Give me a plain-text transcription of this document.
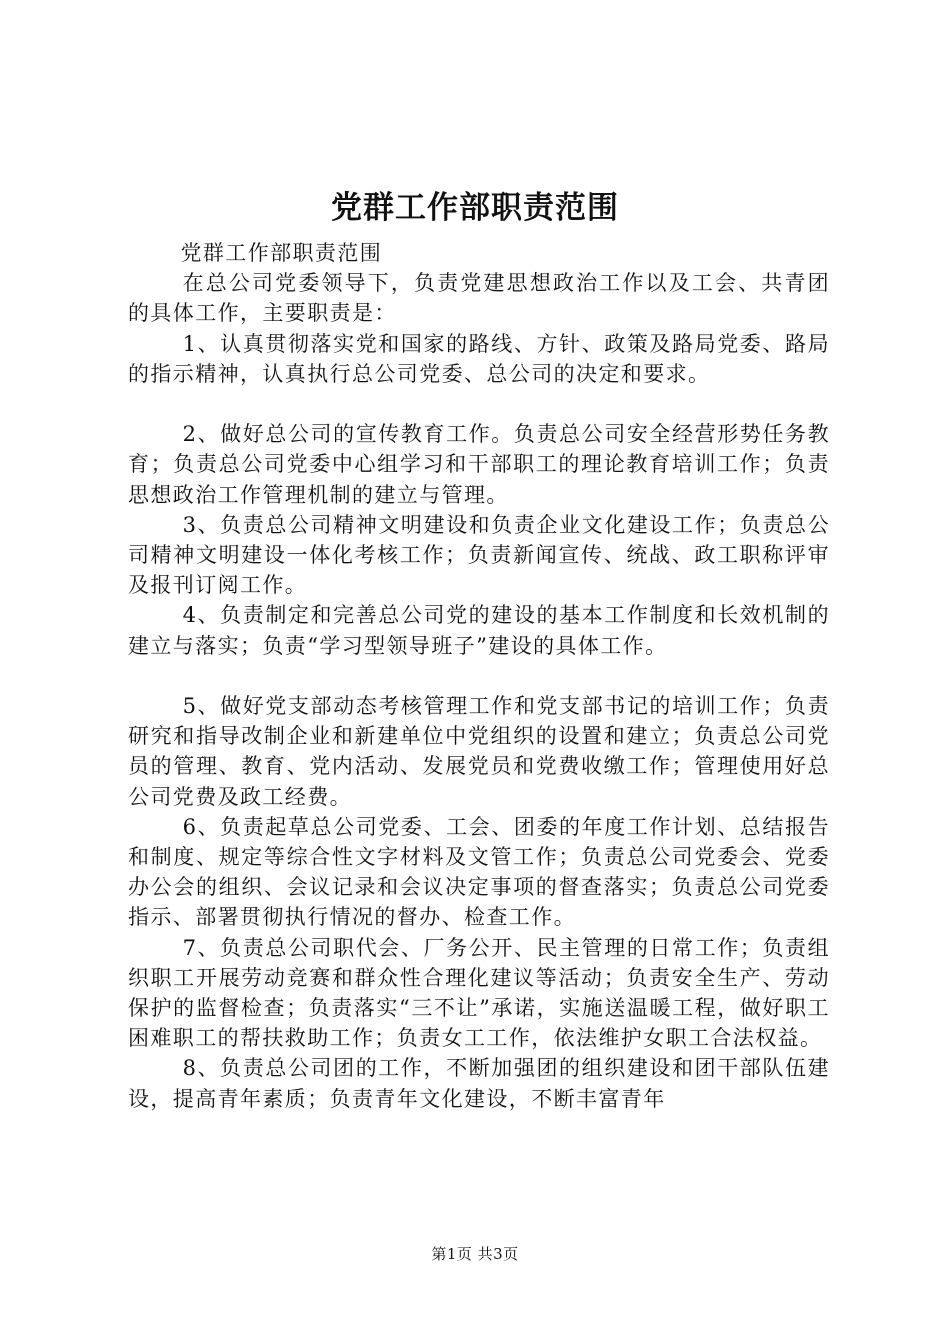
党群工作部职责范围

党群工作部职责范围

在总公司党委领导下，负责党建思想政治工作以及工会、共青团的具体工作，主要职责是：

1、认真贯彻落实党和国家的路线、方针、政策及路局党委、路局的指示精神，认真执行总公司党委、总公司的决定和要求。

2、做好总公司的宣传教育工作。负责总公司安全经营形势任务教育；负责总公司党委中心组学习和干部职工的理论教育培训工作；负责思想政治工作管理机制的建立与管理。

3、负责总公司精神文明建设和负责企业文化建设工作；负责总公司精神文明建设一体化考核工作；负责新闻宣传、统战、政工职称评审及报刊订阅工作。

4、负责制定和完善总公司党的建设的基本工作制度和长效机制的建立与落实；负责“学习型领导班子”建设的具体工作。

5、做好党支部动态考核管理工作和党支部书记的培训工作；负责研究和指导改制企业和新建单位中党组织的设置和建立；负责总公司党员的管理、教育、党内活动、发展党员和党费收缴工作；管理使用好总公司党费及政工经费。

6、负责起草总公司党委、工会、团委的年度工作计划、总结报告和制度、规定等综合性文字材料及文管工作；负责总公司党委会、党委办公会的组织、会议记录和会议决定事项的督查落实；负责总公司党委指示、部署贯彻执行情况的督办、检查工作。

7、负责总公司职代会、厂务公开、民主管理的日常工作；负责组织职工开展劳动竞赛和群众性合理化建议等活动；负责安全生产、劳动保护的监督检查；负责落实“三不让”承诺，实施送温暖工程，做好职工困难职工的帮扶救助工作；负责女工工作，依法维护女职工合法权益。

8、负责总公司团的工作，不断加强团的组织建设和团干部队伍建设，提高青年素质；负责青年文化建设，不断丰富青年

第1页 共3页
